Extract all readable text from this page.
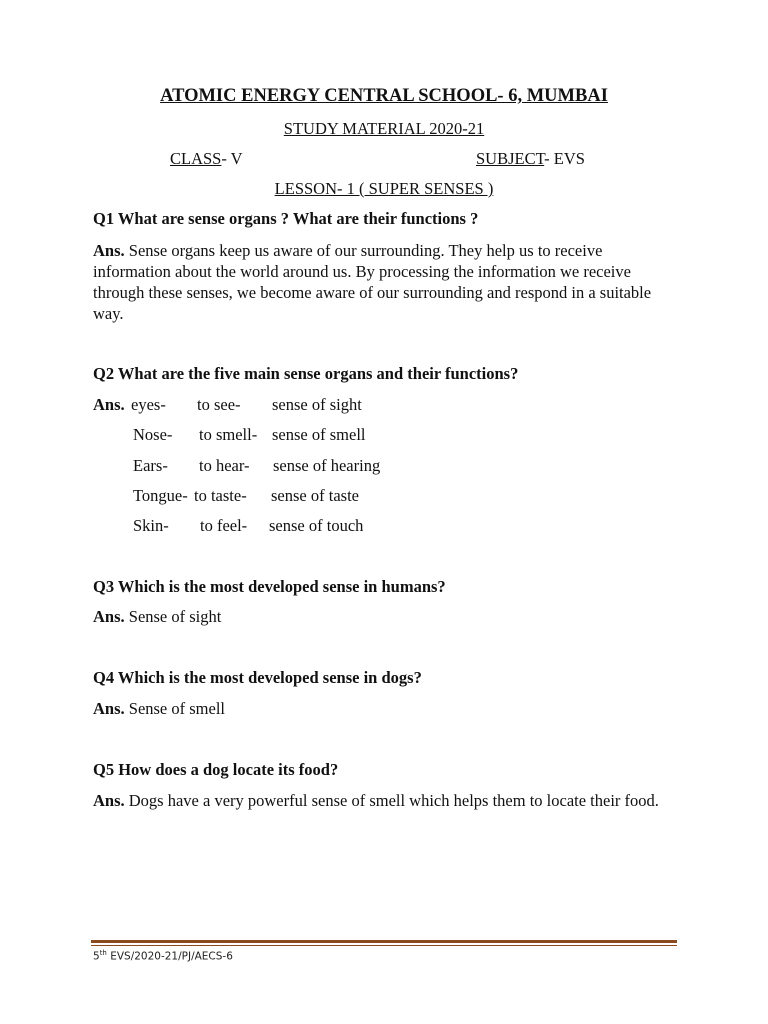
ATOMIC ENERGY CENTRAL SCHOOL- 6, MUMBAI
STUDY MATERIAL 2020-21
CLASS- V	SUBJECT- EVS
LESSON- 1 ( SUPER SENSES )
Q1 What are sense organs ? What are their functions ?
Ans. Sense organs keep us aware of our surrounding. They help us to receive information about the world around us. By processing the information we receive through these senses, we become aware of our surrounding and respond in a suitable way.
Q2 What are the five main sense organs and their functions?
Ans. eyes- to see- sense of sight
Nose- to smell- sense of smell
Ears- to hear- sense of hearing
Tongue- to taste- sense of taste
Skin- to feel- sense of touch
Q3 Which is the most developed sense in humans?
Ans. Sense of sight
Q4 Which is the most developed sense in dogs?
Ans. Sense of smell
Q5 How does a dog locate its food?
Ans. Dogs have a very powerful sense of smell which helps them to locate their food.
5th EVS/2020-21/PJ/AECS-6
